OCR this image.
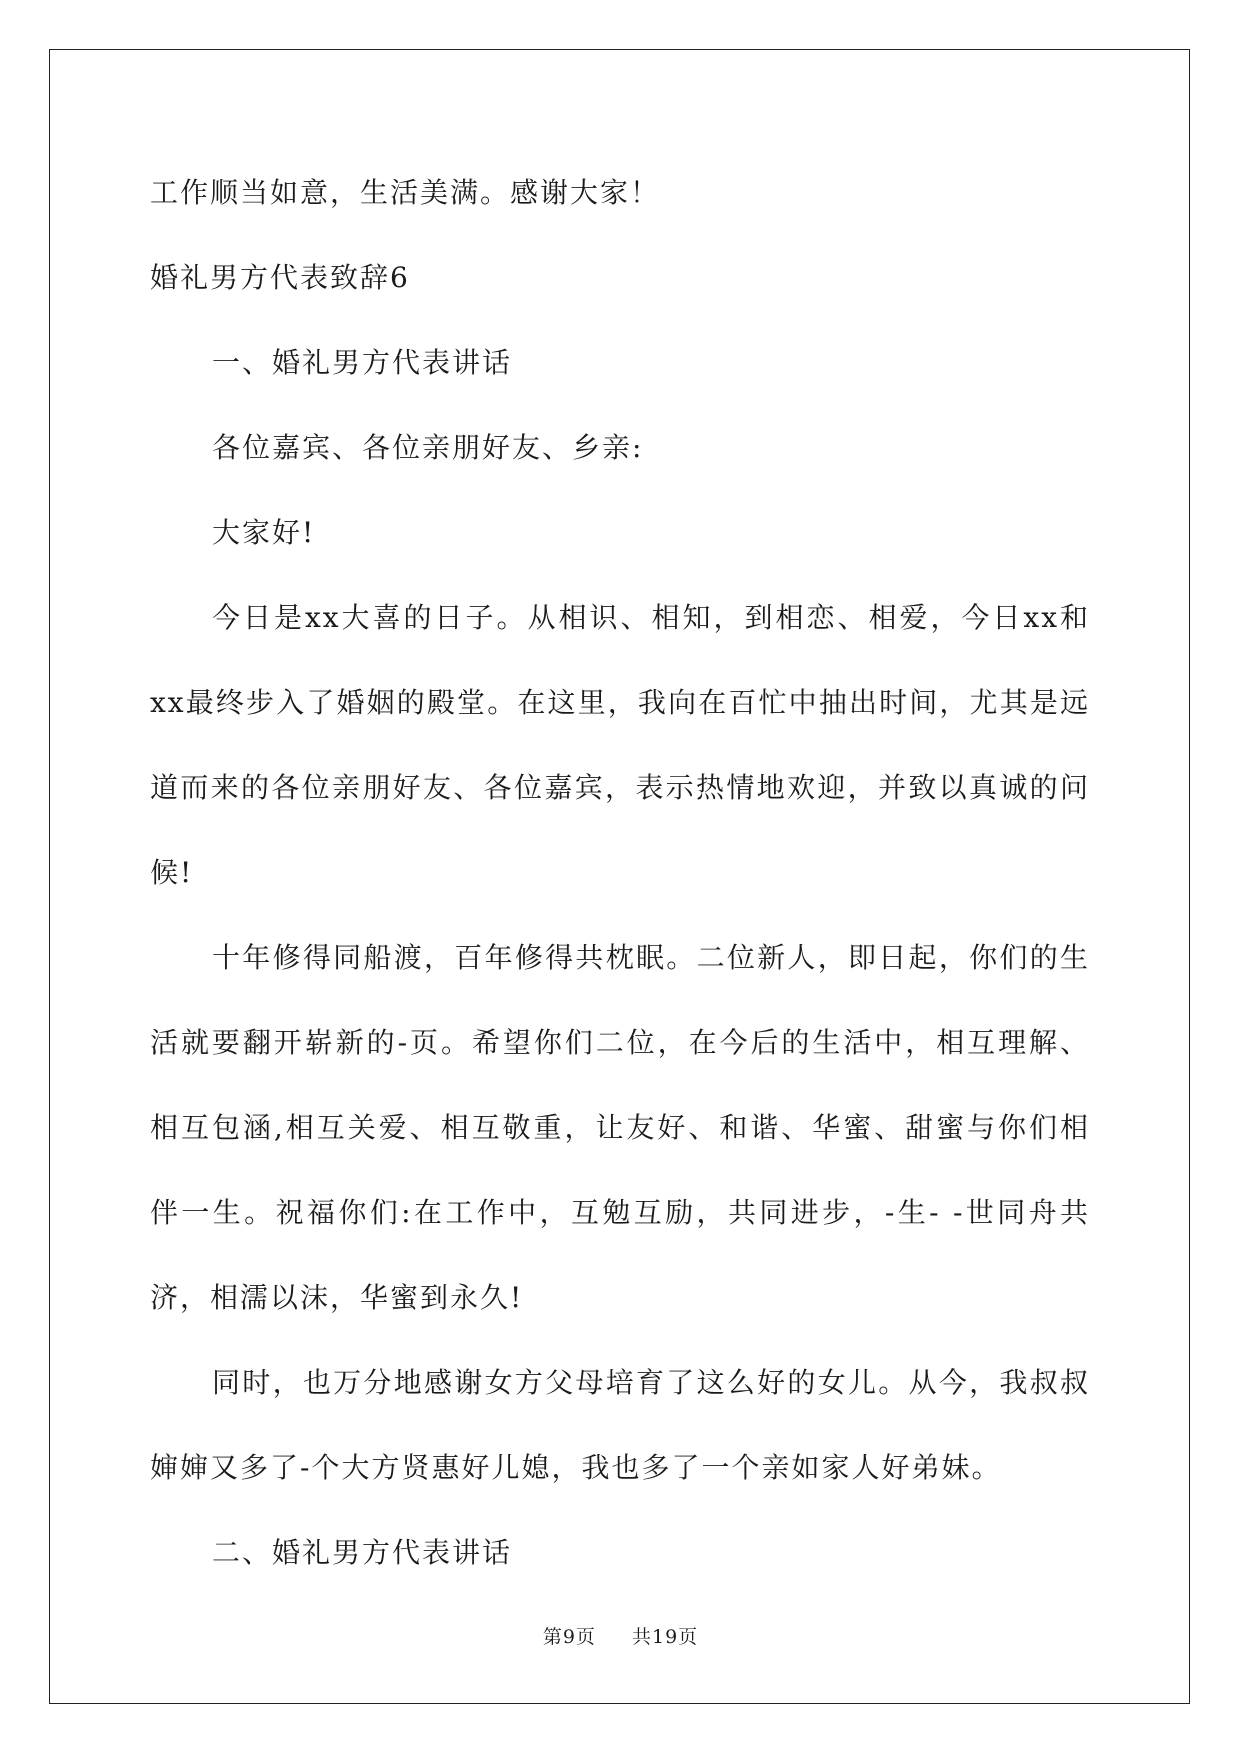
工作顺当如意，生活美满。感谢大家！

婚礼男方代表致辞6

一、婚礼男方代表讲话

各位嘉宾、各位亲朋好友、乡亲:

大家好!

今日是xx大喜的日子。从相识、相知，到相恋、相爱，今日xx和xx最终步入了婚姻的殿堂。在这里，我向在百忙中抽出时间，尤其是远道而来的各位亲朋好友、各位嘉宾，表示热情地欢迎，并致以真诚的问候!

十年修得同船渡，百年修得共枕眠。二位新人，即日起，你们的生活就要翻开崭新的-页。希望你们二位，在今后的生活中，相互理解、相互包涵,相互关爱、相互敬重，让友好、和谐、华蜜、甜蜜与你们相伴一生。祝福你们:在工作中，互勉互励，共同进步，-生- -世同舟共济，相濡以沫，华蜜到永久!

同时，也万分地感谢女方父母培育了这么好的女儿。从今，我叔叔婶婶又多了-个大方贤惠好儿媳，我也多了一个亲如家人好弟妹。

二、婚礼男方代表讲话

第9页 共19页
